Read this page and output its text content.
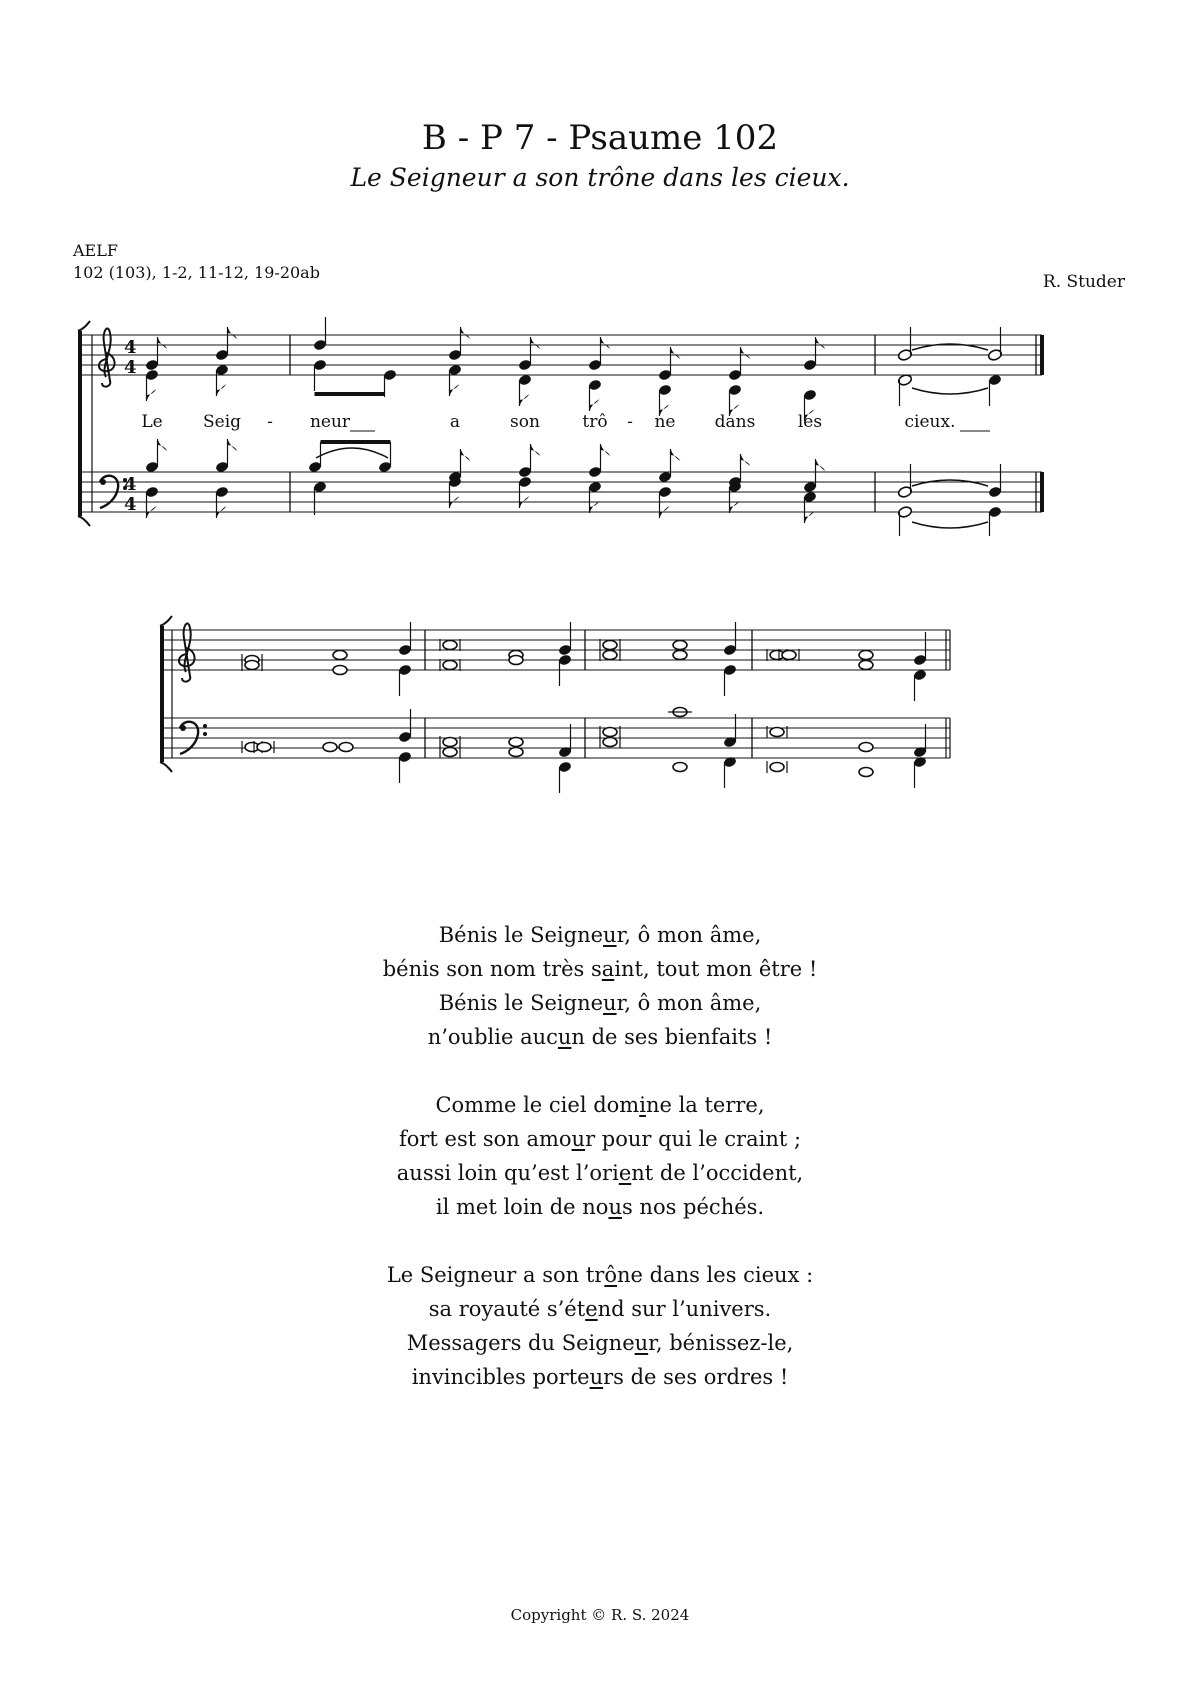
B - P 7 - Psaume 102
Le Seigneur a son trône dans les cieux.
AELF
102 (103), 1-2, 11-12, 19-20ab	R. Studer
4
4
4
4
Le Seig - neur	a	son trô - ne dans	les	cieux.
Bénis le Seigneur, ô mon âme,
bénis son nom très saint, tout mon être !
Bénis le Seigneur, ô mon âme,
n’oublie aucun de ses bienfaits !
Comme le ciel domine la terre,
fort est son amour pour qui le craint ;
aussi loin qu’est l’orient de l’occident,
il met loin de nous nos péchés.
Le Seigneur a son trône dans les cieux :
sa royauté s’étend sur l’univers.
Messagers du Seigneur, bénissez-le,
invincibles porteurs de ses ordres !
Copyright © R. S. 2024
